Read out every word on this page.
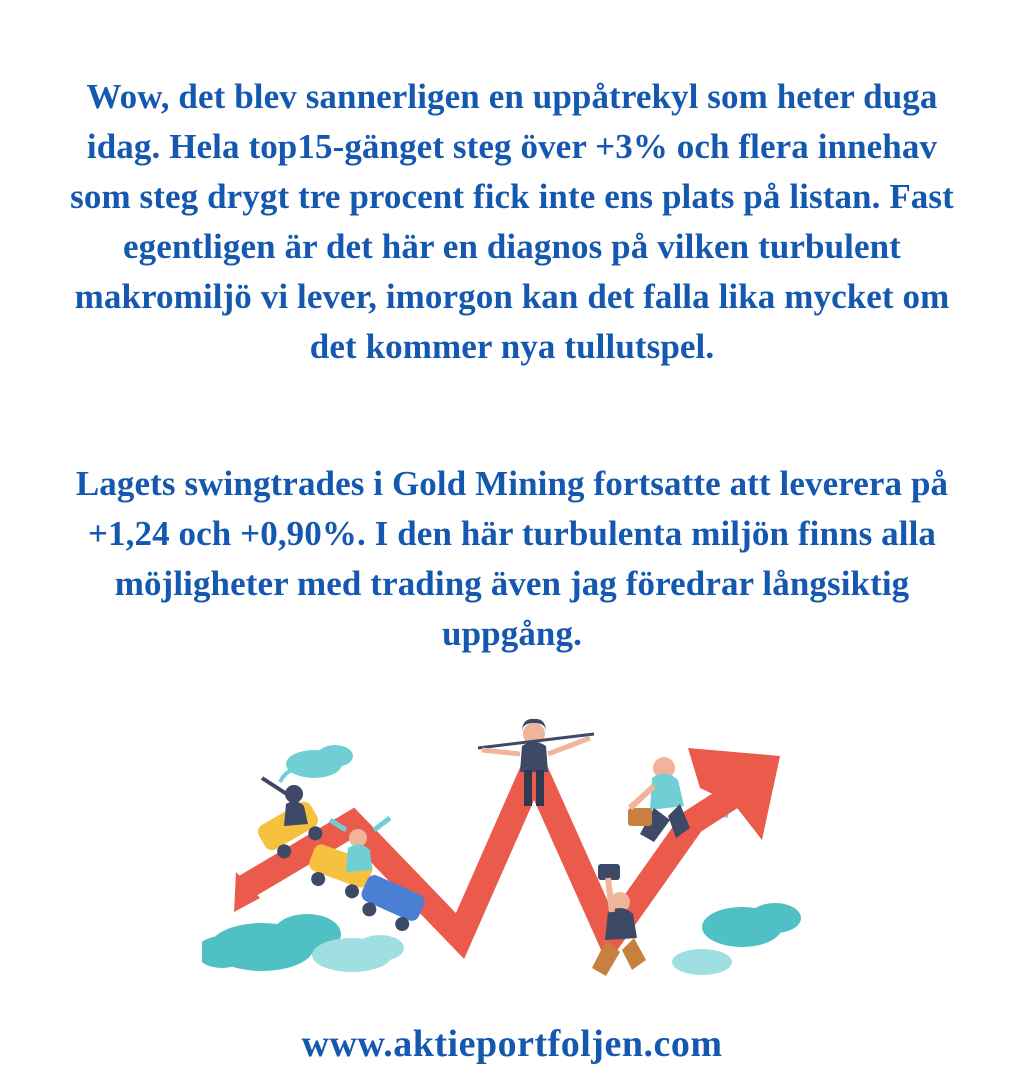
Wow, det blev sannerligen en uppåtrekyl som heter duga idag. Hela top15-gänget steg över +3% och flera innehav som steg drygt tre procent fick inte ens plats på listan. Fast egentligen är det här en diagnos på vilken turbulent makromiljö vi lever, imorgon kan det falla lika mycket om det kommer nya tullutspel.

Lagets swingtrades i Gold Mining fortsatte att leverera på +1,24 och +0,90%. I den här turbulenta miljön finns alla möjligheter med trading även jag föredrar långsiktig uppgång.

www.aktieportfoljen.com
